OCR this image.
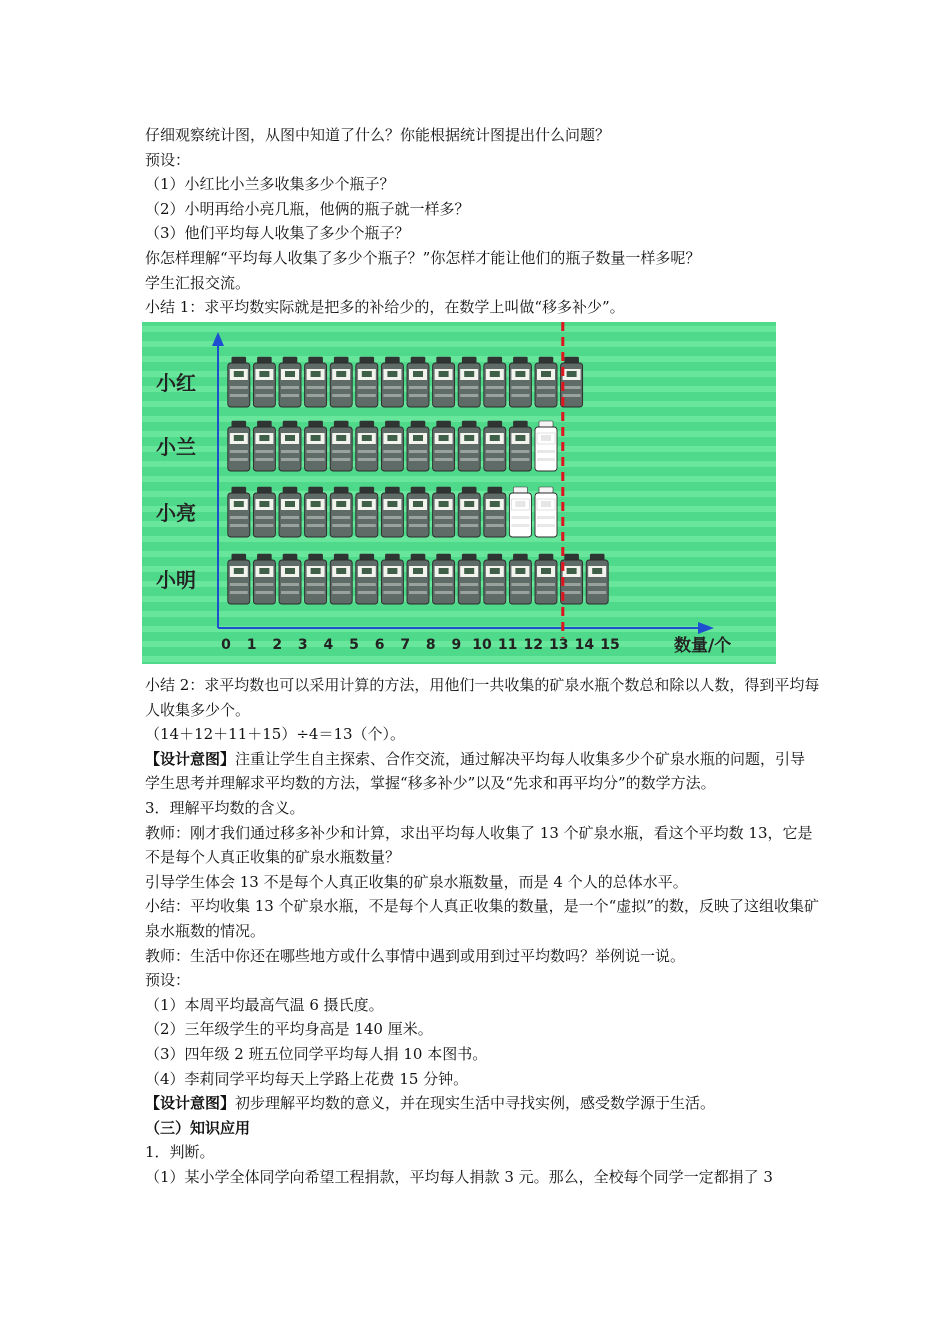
仔细观察统计图，从图中知道了什么？你能根据统计图提出什么问题？
预设：
（1）小红比小兰多收集多少个瓶子？
（2）小明再给小亮几瓶，他俩的瓶子就一样多？
（3）他们平均每人收集了多少个瓶子？
你怎样理解“平均每人收集了多少个瓶子？”你怎样才能让他们的瓶子数量一样多呢？
学生汇报交流。
小结 1：求平均数实际就是把多的补给少的，在数学上叫做“移多补少”。
小红
小兰
小亮
小明
0 1 2 3 4 5 6 7 8 9 10 11 12 13 14 15	数量/个
小结 2：求平均数也可以采用计算的方法，用他们一共收集的矿泉水瓶个数总和除以人数，得到平均每人收集多少个。
（14＋12＋11＋15）÷4＝13（个）。
【设计意图】注重让学生自主探索、合作交流，通过解决平均每人收集多少个矿泉水瓶的问题，引导学生思考并理解求平均数的方法，掌握“移多补少”以及“先求和再平均分”的数学方法。
3．理解平均数的含义。
教师：刚才我们通过移多补少和计算，求出平均每人收集了 13 个矿泉水瓶，看这个平均数 13，它是不是每个人真正收集的矿泉水瓶数量？
引导学生体会 13 不是每个人真正收集的矿泉水瓶数量，而是 4 个人的总体水平。
小结：平均收集 13 个矿泉水瓶，不是每个人真正收集的数量，是一个“虚拟”的数，反映了这组收集矿泉水瓶数的情况。
教师：生活中你还在哪些地方或什么事情中遇到或用到过平均数吗？举例说一说。
预设：
（1）本周平均最高气温 6 摄氏度。
（2）三年级学生的平均身高是 140 厘米。
（3）四年级 2 班五位同学平均每人捐 10 本图书。
（4）李莉同学平均每天上学路上花费 15 分钟。
【设计意图】初步理解平均数的意义，并在现实生活中寻找实例，感受数学源于生活。
（三）知识应用
1．判断。
（1）某小学全体同学向希望工程捐款，平均每人捐款 3 元。那么，全校每个同学一定都捐了 3
